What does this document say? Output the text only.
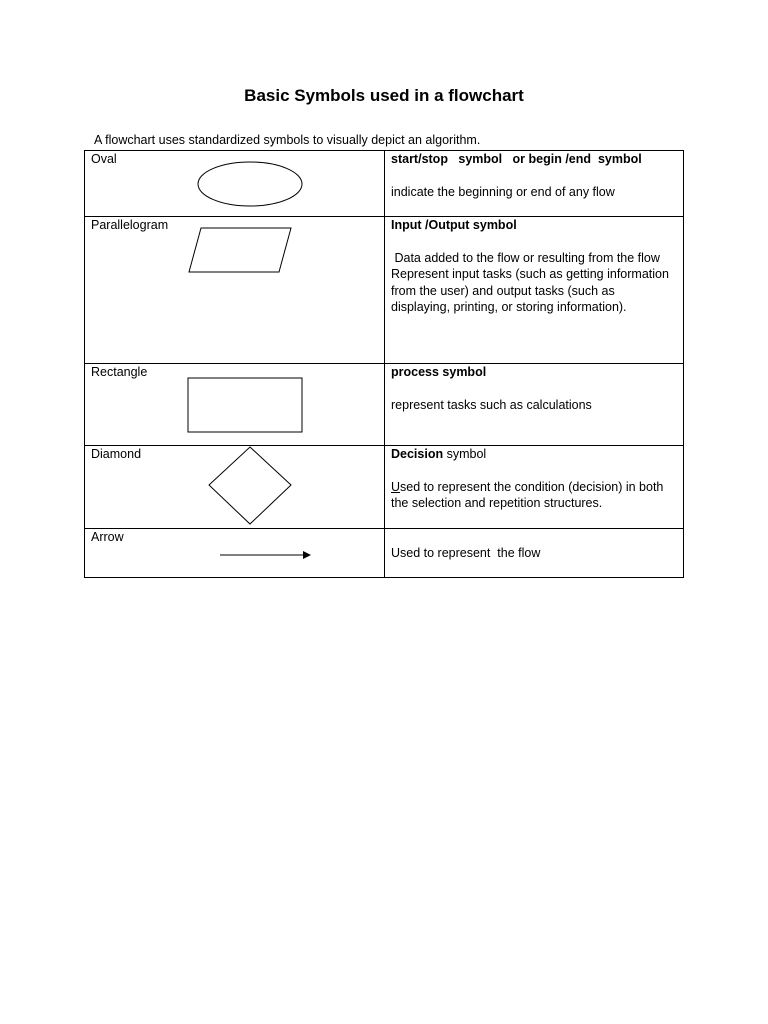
Basic Symbols used in a flowchart
A flowchart uses standardized symbols to visually depict an algorithm.
Oval	start/stop   symbol   or begin /end  symbol

indicate the beginning or end of any flow

Parallelogram	Input /Output symbol

Data added to the flow or resulting from the flow

Represent input tasks (such as getting information from the user) and output tasks (such as displaying, printing, or storing information).

Rectangle	process symbol

represent tasks such as calculations

Diamond	Decision symbol

Used to represent the condition (decision) in both the selection and repetition structures.

Arrow	Used to represent  the flow
